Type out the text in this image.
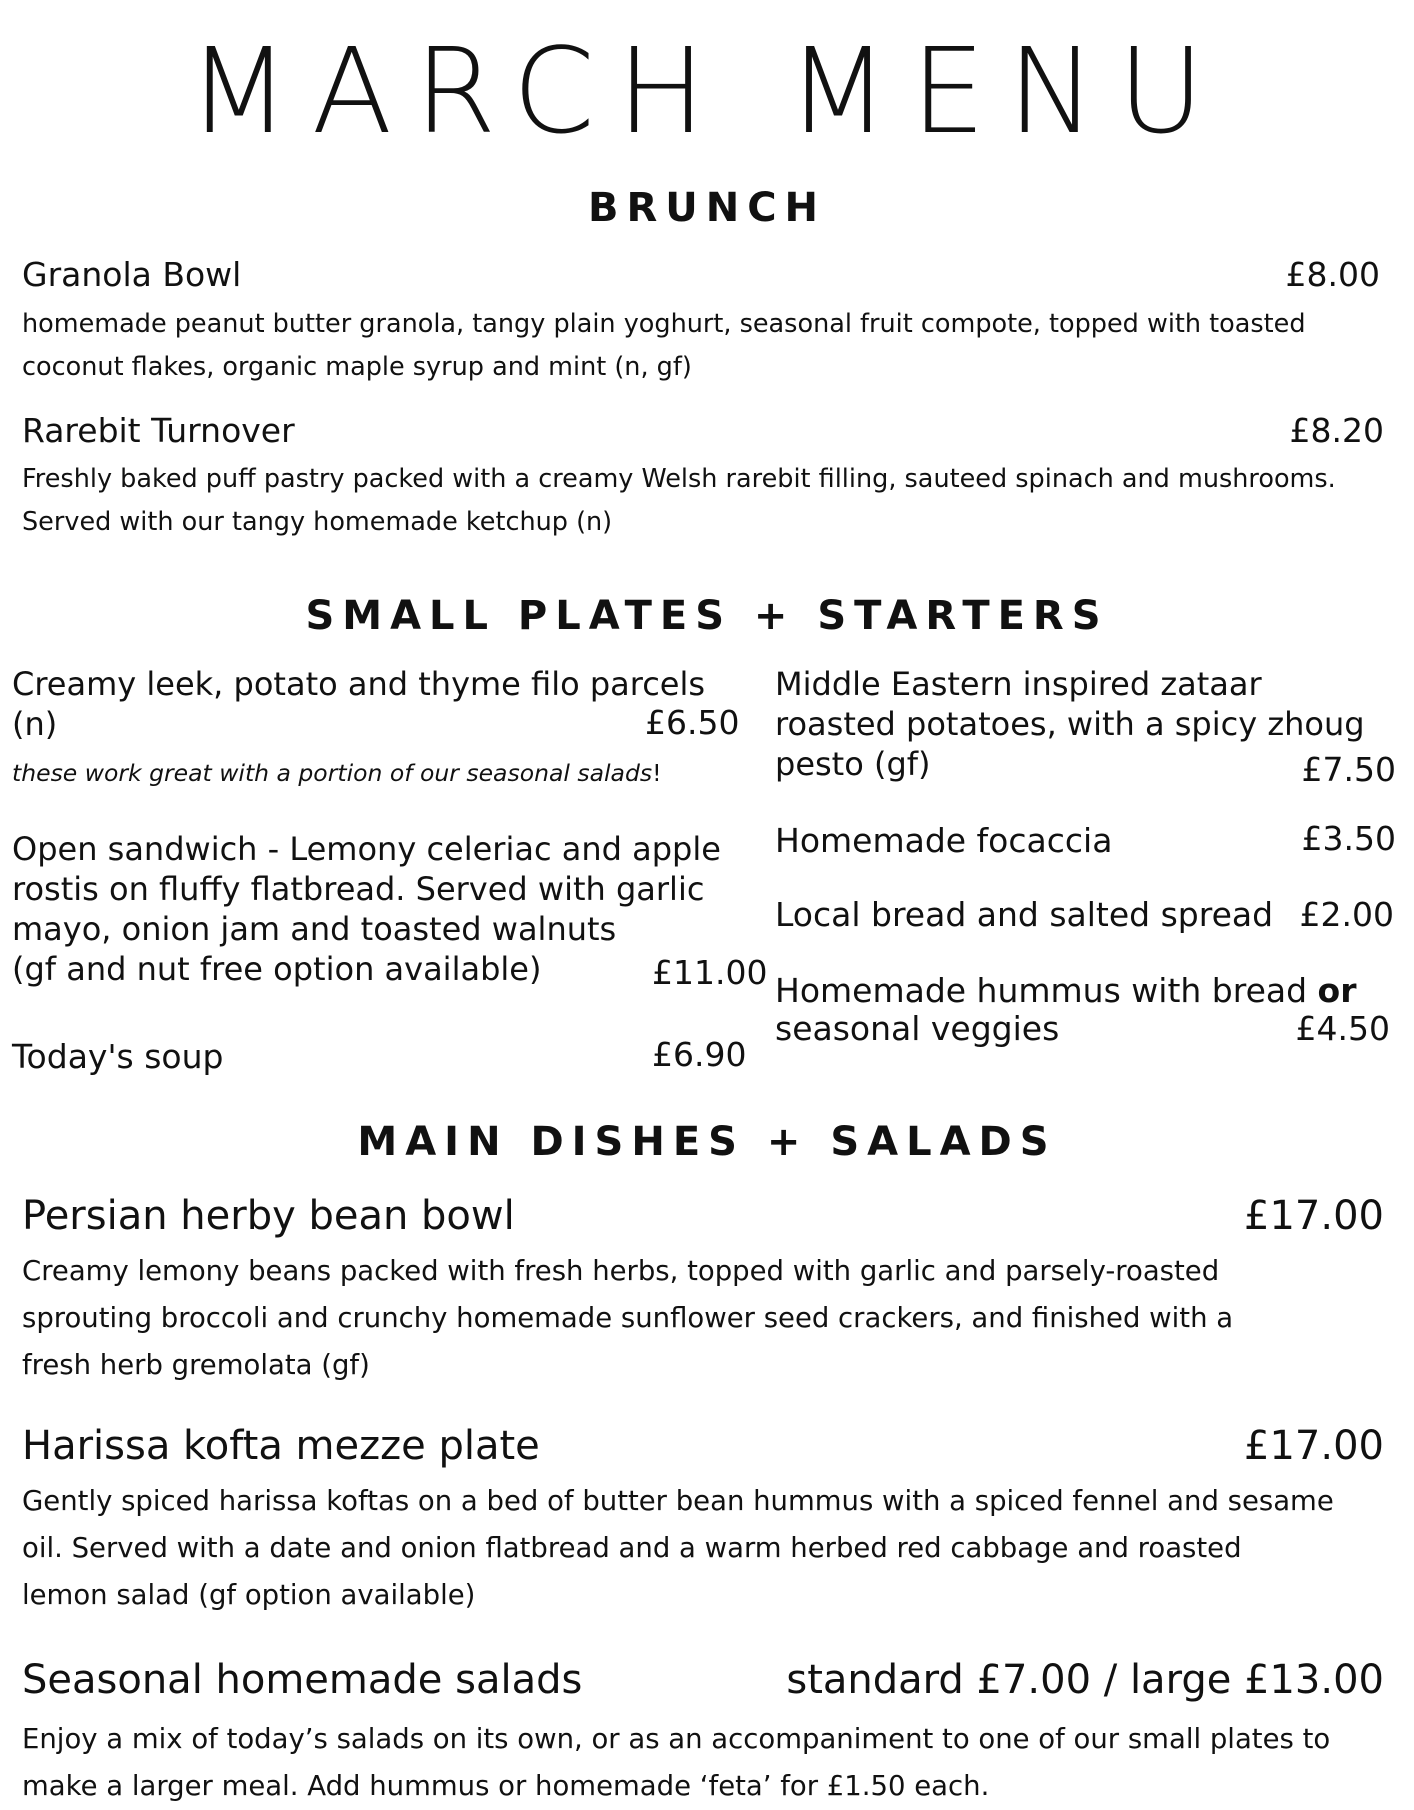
MARCH MENU
BRUNCH
Granola Bowl	£8.00
homemade peanut butter granola, tangy plain yoghurt, seasonal fruit compote, topped with toasted coconut flakes, organic maple syrup and mint (n, gf)
Rarebit Turnover	£8.20
Freshly baked puff pastry packed with a creamy Welsh rarebit filling, sauteed spinach and mushrooms. Served with our tangy homemade ketchup (n)
SMALL PLATES + STARTERS
Creamy leek, potato and thyme filo parcels
(n)	£6.50
these work great with a portion of our seasonal salads!
Open sandwich - Lemony celeriac and apple
rostis on fluffy flatbread. Served with garlic
mayo, onion jam and toasted walnuts
(gf and nut free option available)	£11.00
Today's soup	£6.90
Middle Eastern inspired zataar
roasted potatoes, with a spicy zhoug
pesto (gf)	£7.50
Homemade focaccia	£3.50
Local bread and salted spread £2.00
Homemade hummus with bread or
seasonal veggies	£4.50
MAIN DISHES + SALADS
Persian herby bean bowl	£17.00
Creamy lemony beans packed with fresh herbs, topped with garlic and parsely-roasted
sprouting broccoli and crunchy homemade sunflower seed crackers, and finished with a
fresh herb gremolata (gf)
Harissa kofta mezze plate	£17.00
Gently spiced harissa koftas on a bed of butter bean hummus with a spiced fennel and sesame
oil. Served with a date and onion flatbread and a warm herbed red cabbage and roasted
lemon salad (gf option available)
Seasonal homemade salads	standard £7.00 / large £13.00
Enjoy a mix of today’s salads on its own, or as an accompaniment to one of our small plates to
make a larger meal. Add hummus or homemade ‘feta’ for £1.50 each.
